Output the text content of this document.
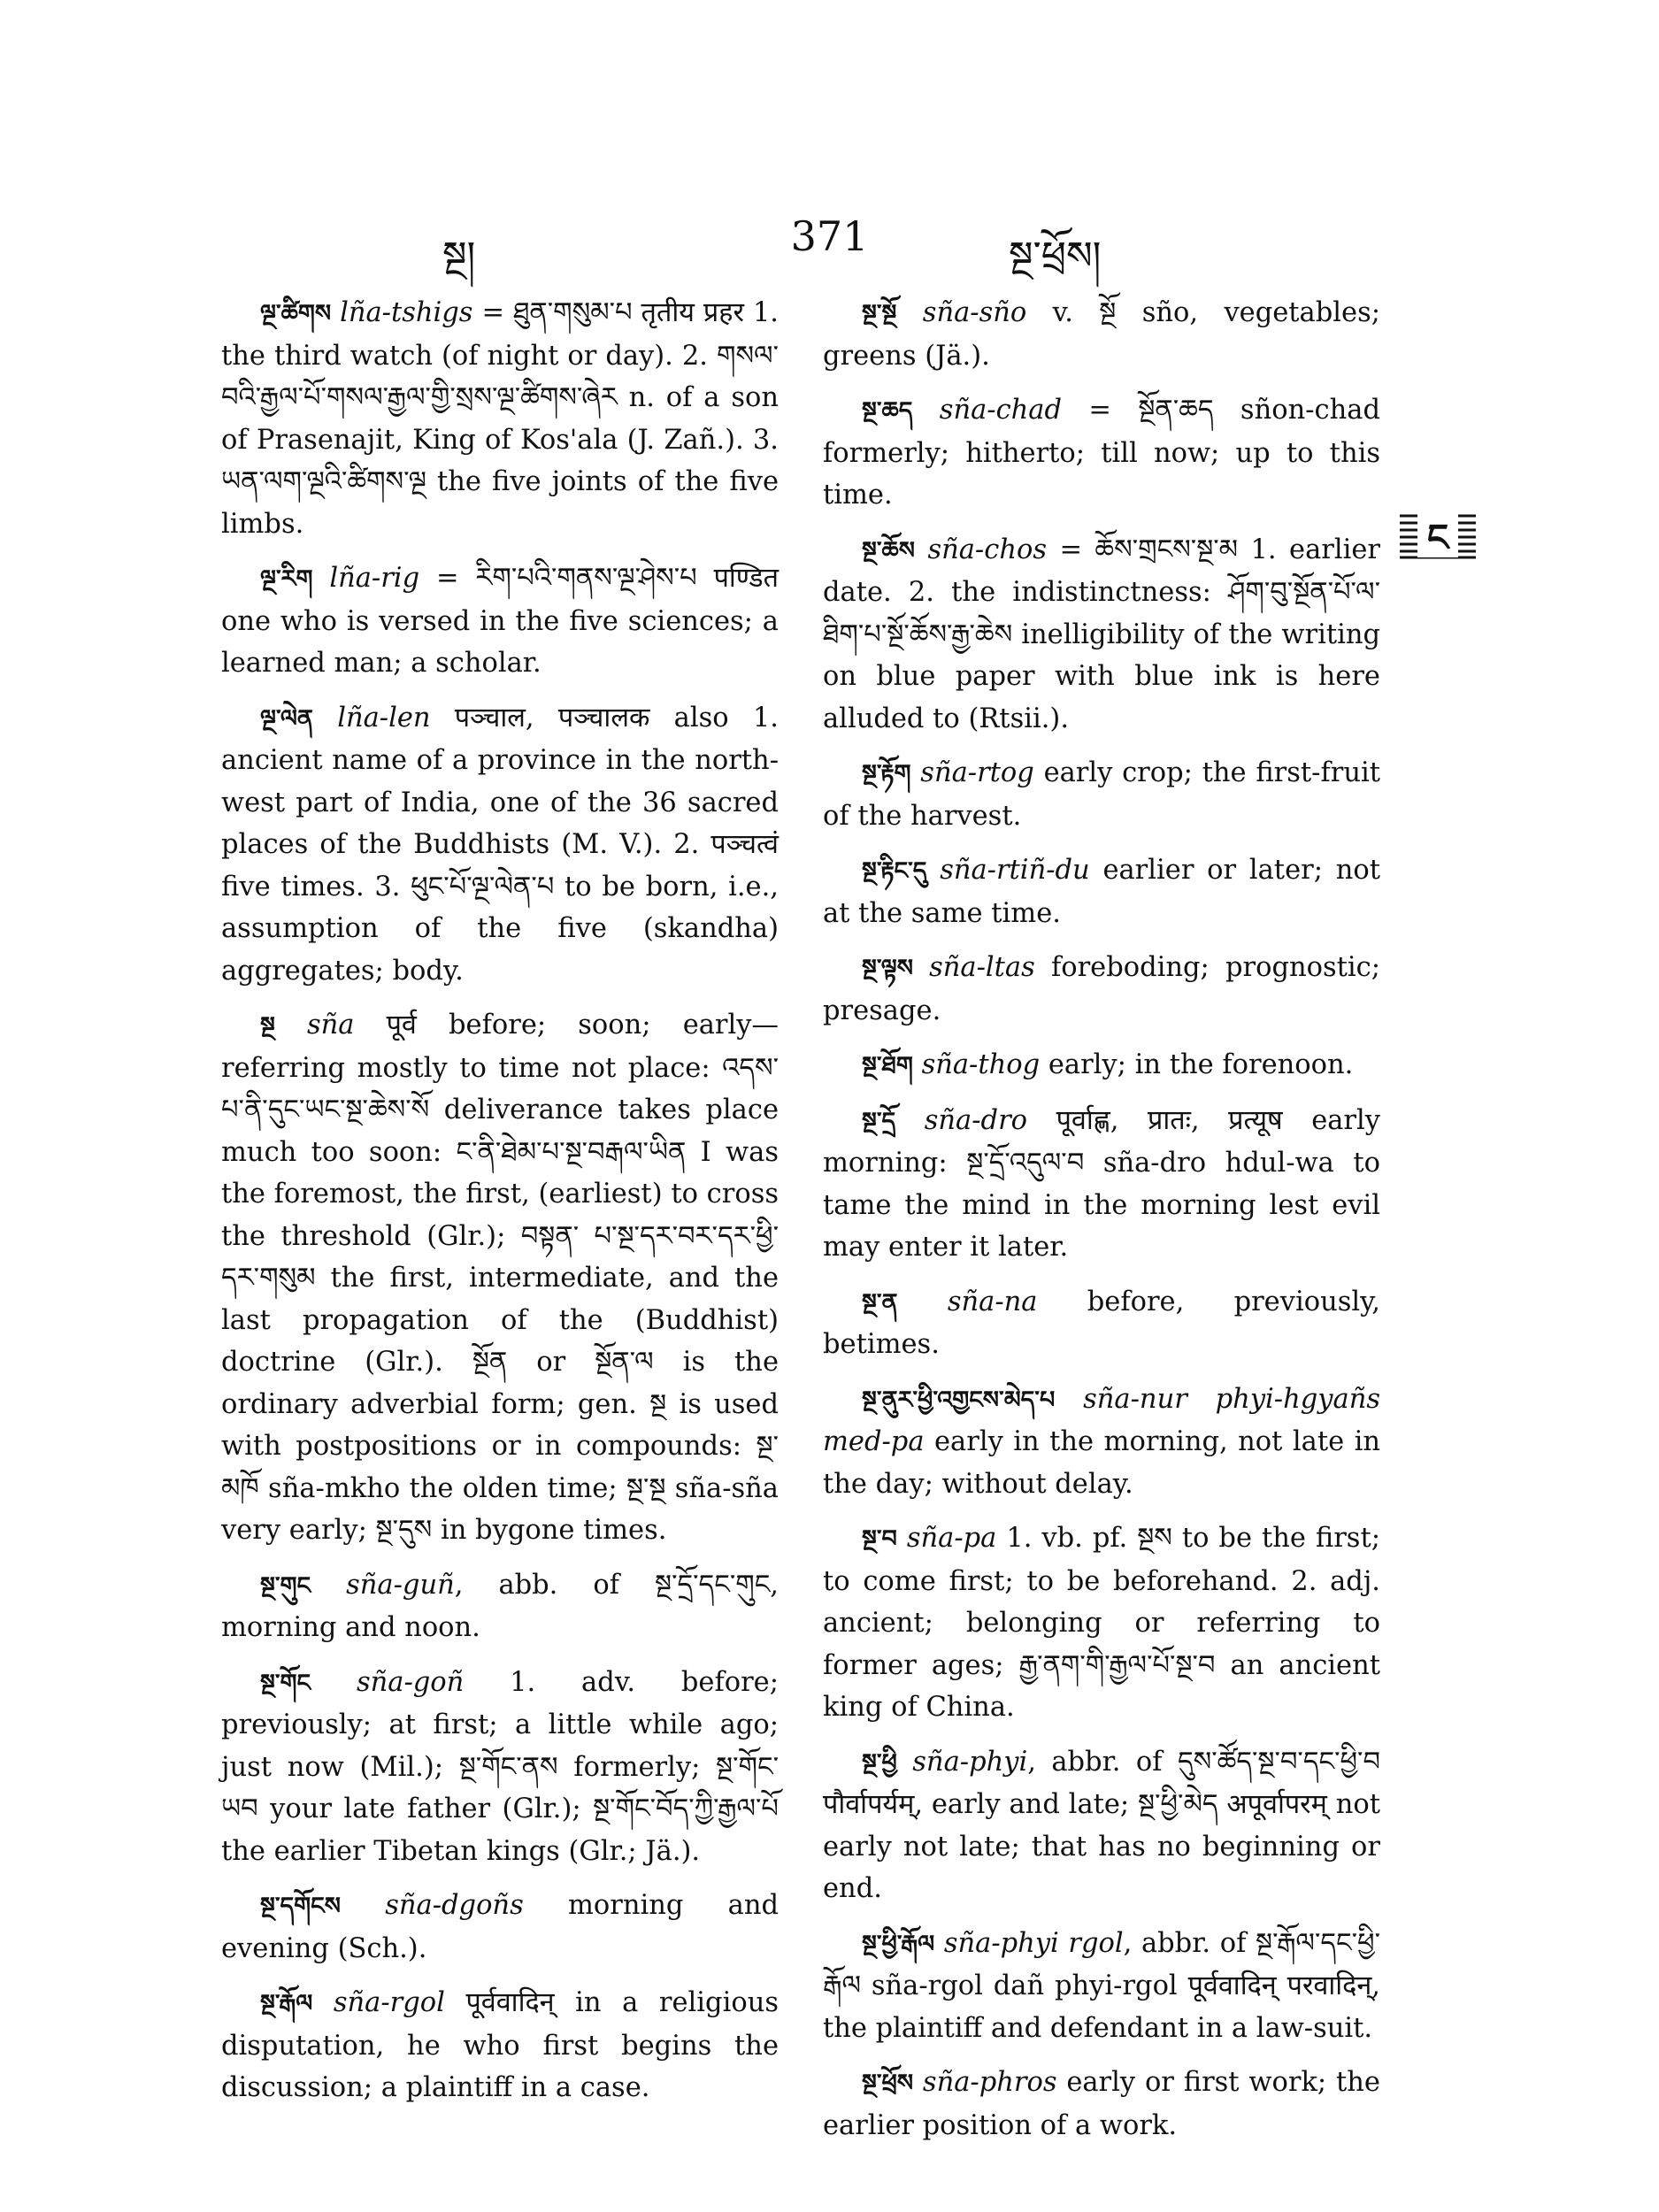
སྔ།	371	སྔ་ཕྲོས།

ལྔ་ཚིགས lña-tshigs = ཐུན་གསུམ་པ तृतीय प्रहर 1. the third watch (of night or day). 2. གསལ་བའི་རྒྱལ་པོ་གསལ་རྒྱལ་གྱི་སྲས་ལྔ་ཚིགས་ཞེར n. of a son of Prasenajit, King of Kos'ala (J. Zañ.). 3. ཡན་ལག་ལྔའི་ཚིགས་ལྔ the five joints of the five limbs.

ལྔ་རིག lña-rig = རིག་པའི་གནས་ལྔ་ཤེས་པ पण्डित one who is versed in the five sciences; a learned man; a scholar.

ལྔ་ལེན lña-len पञ्चाल, पञ्चालक also 1. ancient name of a province in the north-west part of India, one of the 36 sacred places of the Buddhists (M. V.). 2. पञ्चत्वं five times. 3. ཕུང་པོ་ལྔ་ལེན་པ to be born, i.e., assumption of the five (skandha) aggregates; body.

སྔ sña पूर्व before; soon; early—referring mostly to time not place: འདས་པ་ནི་དུང་ཡང་སྔ་ཆེས་སོ deliverance takes place much too soon: ང་ནི་ཐེམ་པ་སྔ་བརྒལ་ཡིན I was the foremost, the first, (earliest) to cross the threshold (Glr.); བསྟན་ པ་སྔ་དར་བར་དར་ཕྱི་དར་གསུམ the first, intermediate, and the last propagation of the (Buddhist) doctrine (Glr.). སྔོན or སྔོན་ལ is the ordinary adverbial form; gen. སྔ is used with postpositions or in compounds: སྔ་མཁོ sña-mkho the olden time; སྔ་སྔ sña-sña very early; སྔ་དུས in bygone times.

སྔ་གུང sña-guñ, abb. of སྔ་དྲོ་དང་གུང, morning and noon.

སྔ་གོང sña-goñ 1. adv. before; previously; at first; a little while ago; just now (Mil.); སྔ་གོང་ནས formerly; སྔ་གོང་ཡབ your late father (Glr.); སྔ་གོང་བོད་ཀྱི་རྒྱལ་པོ the earlier Tibetan kings (Glr.; Jä.).

སྔ་དགོངས sña-dgoñs morning and evening (Sch.).

སྔ་རྒོལ sña-rgol पूर्ववादिन् in a religious disputation, he who first begins the discussion; a plaintiff in a case.

སྔ་སྔོ sña-sño v. སྔོ sño, vegetables; greens (Jä.).

སྔ་ཆད sña-chad = སྔོན་ཆད sñon-chad formerly; hitherto; till now; up to this time.

སྔ་ཆོས sña-chos = ཆོས་གྲངས་སྔ་མ 1. earlier date. 2. the indistinctness: ཤོག་བུ་སྔོན་པོ་ལ་ཐིག་པ་སྔོ་ཆོས་རྒྱ་ཆེས inelligibility of the writing on blue paper with blue ink is here alluded to (Rtsii.).

སྔ་རྟོག sña-rtog early crop; the first-fruit of the harvest.

སྔ་རྟིང་དུ sña-rtiñ-du earlier or later; not at the same time.

སྔ་ལྟས sña-ltas foreboding; prognostic; presage.

སྔ་ཐོག sña-thog early; in the forenoon.

སྔ་དྲོ sña-dro पूर्वाह्ण, प्रातः, प्रत्यूष early morning: སྔ་དྲོ་འདུལ་བ sña-dro hdul-wa to tame the mind in the morning lest evil may enter it later.

སྔ་ན sña-na before, previously, betimes.

སྔ་ནུར་ཕྱི་འགྱངས་མེད་པ sña-nur phyi-hgyañs med-pa early in the morning, not late in the day; without delay.

སྔ་བ sña-pa 1. vb. pf. སྔས to be the first; to come first; to be beforehand. 2. adj. ancient; belonging or referring to former ages; རྒྱ་ནག་གི་རྒྱལ་པོ་སྔ་བ an ancient king of China.

སྔ་ཕྱི sña-phyi, abbr. of དུས་ཚོད་སྔ་བ་དང་ཕྱི་བ पौर्वापर्यम्, early and late; སྔ་ཕྱི་མེད अपूर्वापरम् not early not late; that has no beginning or end.

སྔ་ཕྱི་རྒོལ sña-phyi rgol, abbr. of སྔ་རྒོལ་དང་ཕྱི་རྒོལ sña-rgol dañ phyi-rgol पूर्ववादिन् परवादिन्, the plaintiff and defendant in a law-suit.

སྔ་ཕྲོས sña-phros early or first work; the earlier position of a work.

ང
